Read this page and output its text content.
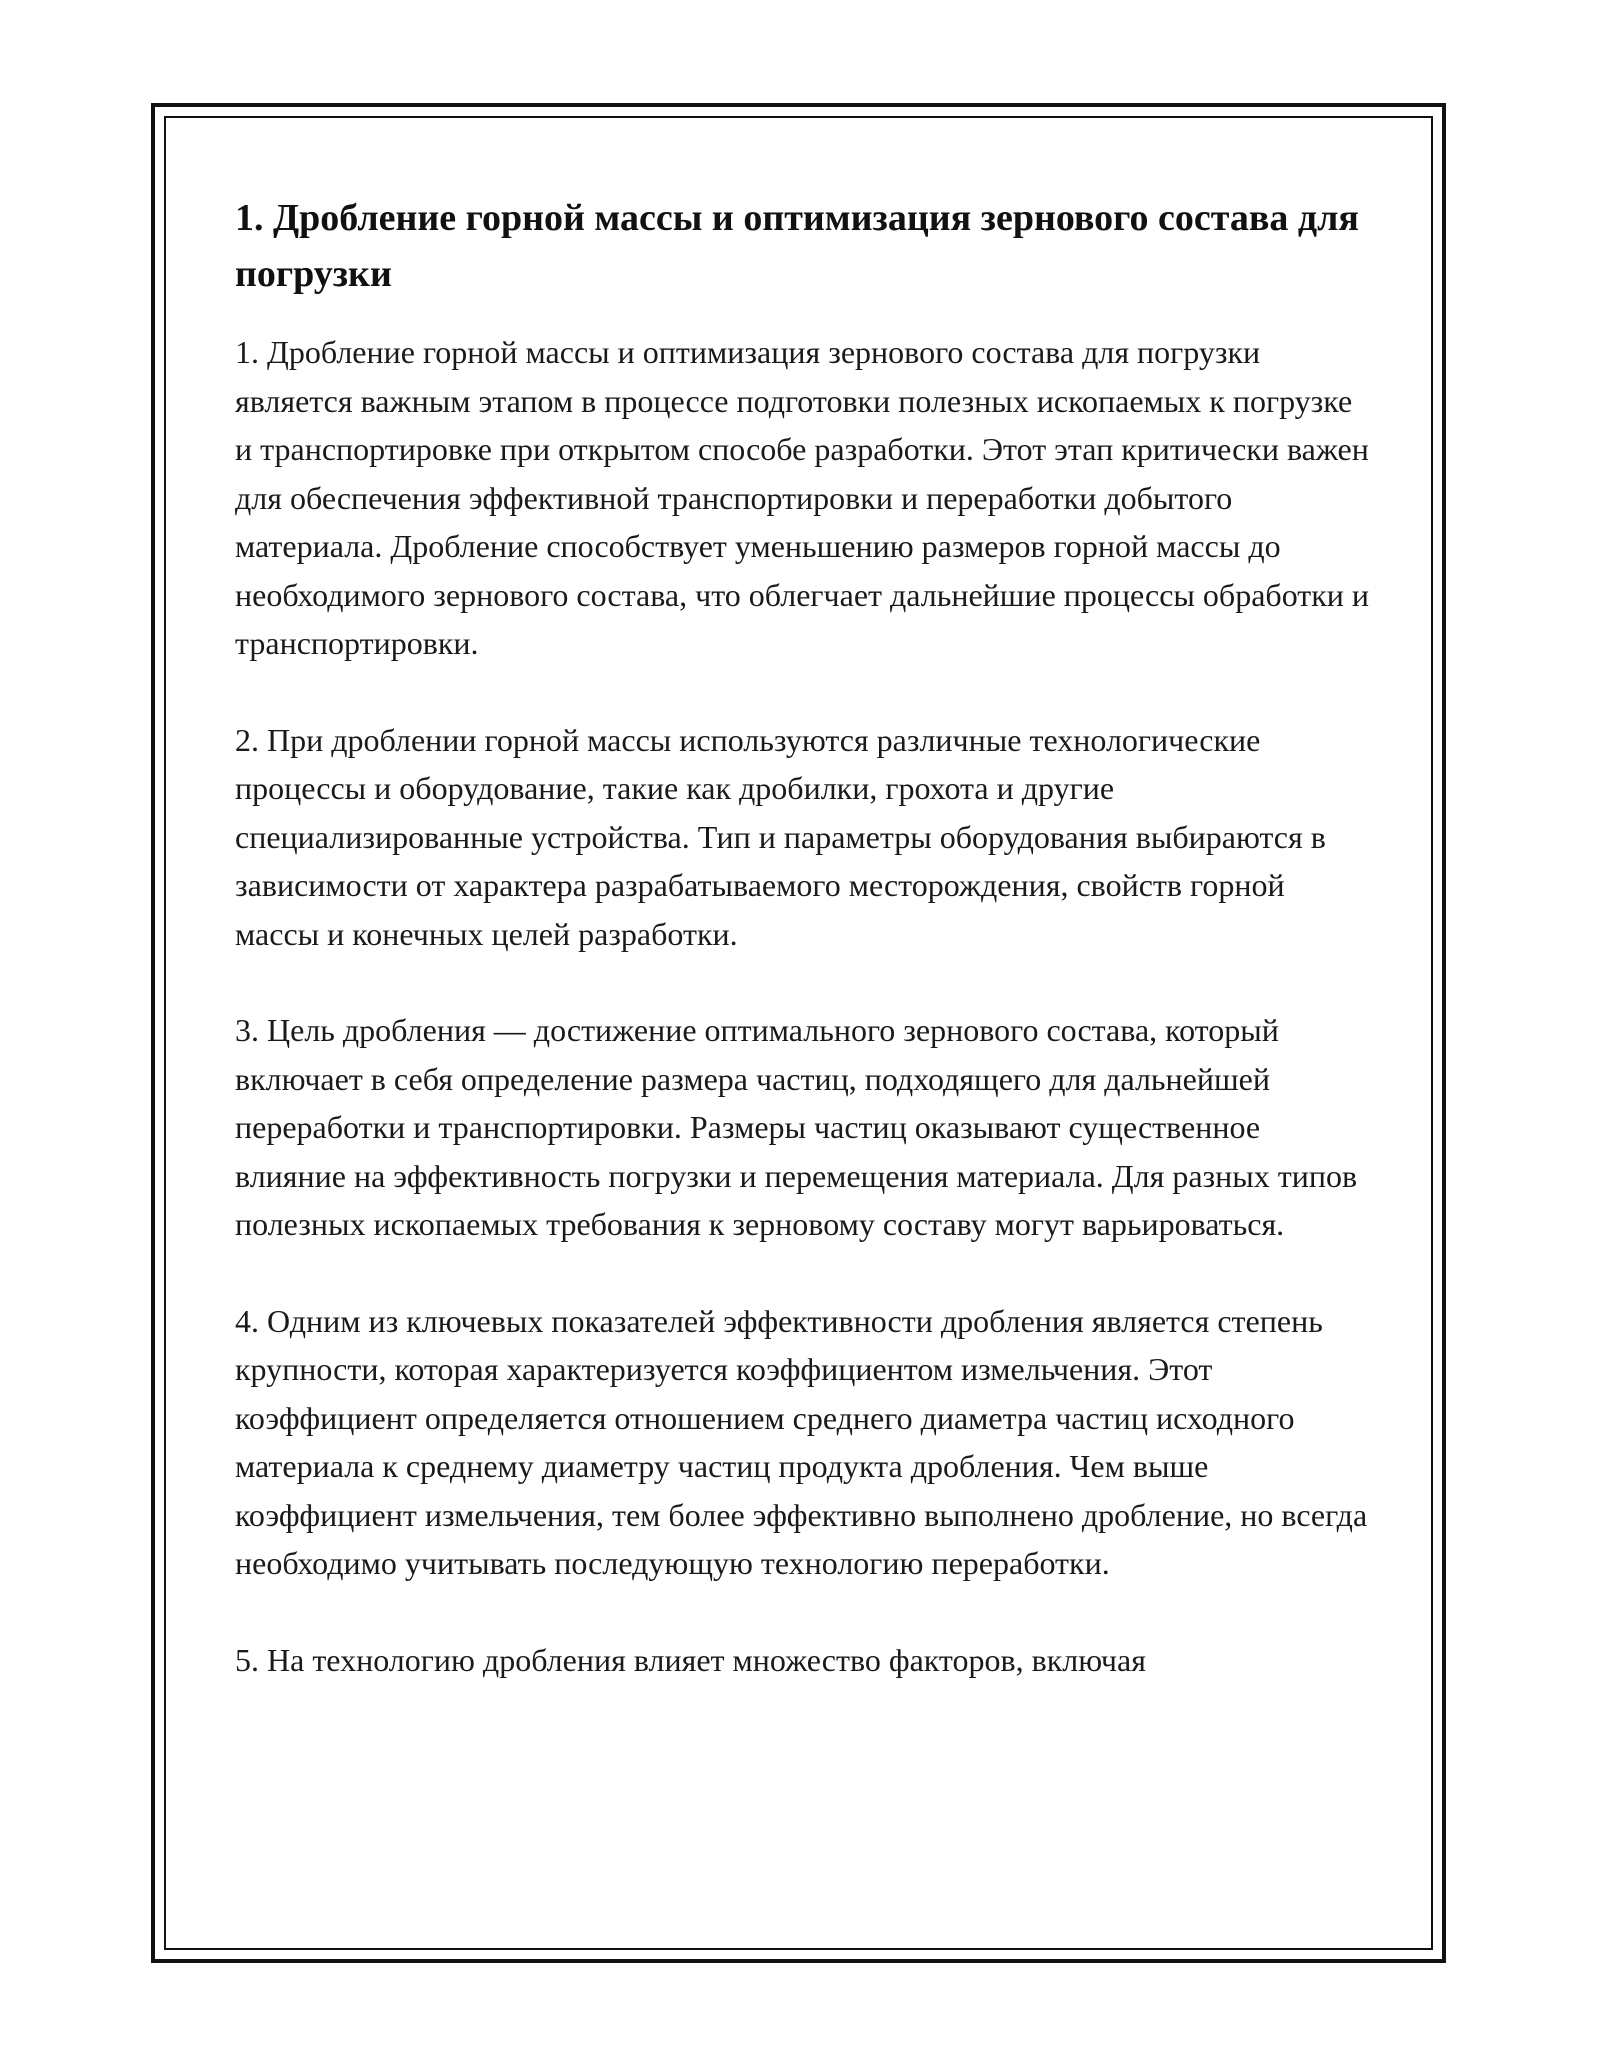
1. Дробление горной массы и оптимизация зернового состава для погрузки

1. Дробление горной массы и оптимизация зернового состава для погрузки является важным этапом в процессе подготовки полезных ископаемых к погрузке и транспортировке при открытом способе разработки. Этот этап критически важен для обеспечения эффективной транспортировки и переработки добытого материала. Дробление способствует уменьшению размеров горной массы до необходимого зернового состава, что облегчает дальнейшие процессы обработки и транспортировки.

2. При дроблении горной массы используются различные технологические процессы и оборудование, такие как дробилки, грохота и другие специализированные устройства. Тип и параметры оборудования выбираются в зависимости от характера разрабатываемого месторождения, свойств горной массы и конечных целей разработки.

3. Цель дробления — достижение оптимального зернового состава, который включает в себя определение размера частиц, подходящего для дальнейшей переработки и транспортировки. Размеры частиц оказывают существенное влияние на эффективность погрузки и перемещения материала. Для разных типов полезных ископаемых требования к зерновому составу могут варьироваться.

4. Одним из ключевых показателей эффективности дробления является степень крупности, которая характеризуется коэффициентом измельчения. Этот коэффициент определяется отношением среднего диаметра частиц исходного материала к среднему диаметру частиц продукта дробления. Чем выше коэффициент измельчения, тем более эффективно выполнено дробление, но всегда необходимо учитывать последующую технологию переработки.

5. На технологию дробления влияет множество факторов, включая
